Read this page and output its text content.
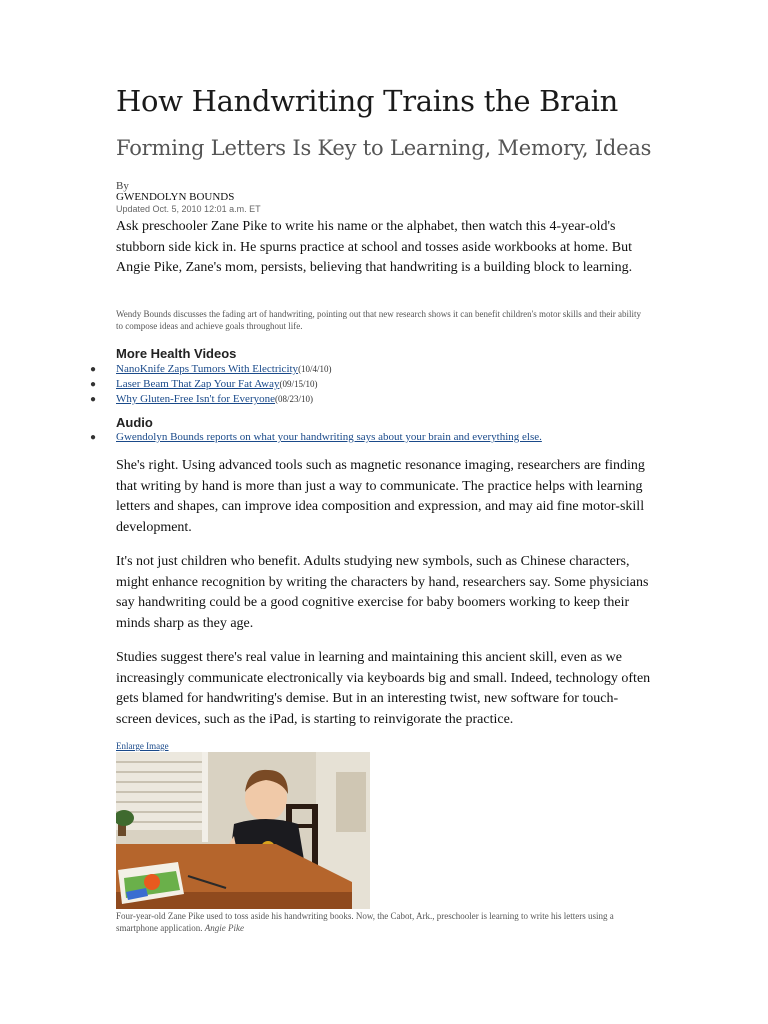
How Handwriting Trains the Brain
Forming Letters Is Key to Learning, Memory, Ideas
By
GWENDOLYN BOUNDS
Updated Oct. 5, 2010 12:01 a.m. ET

Ask preschooler Zane Pike to write his name or the alphabet, then watch this 4-year-old's stubborn side kick in. He spurns practice at school and tosses aside workbooks at home. But Angie Pike, Zane's mom, persists, believing that handwriting is a building block to learning.

Wendy Bounds discusses the fading art of handwriting, pointing out that new research shows it can benefit children's motor skills and their ability to compose ideas and achieve goals throughout life.
More Health Videos
● NanoKnife Zaps Tumors With Electricity(10/4/10)
● Laser Beam That Zap Your Fat Away(09/15/10)
● Why Gluten-Free Isn't for Everyone(08/23/10)
Audio
● Gwendolyn Bounds reports on what your handwriting says about your brain and everything else.

She's right. Using advanced tools such as magnetic resonance imaging, researchers are finding that writing by hand is more than just a way to communicate. The practice helps with learning letters and shapes, can improve idea composition and expression, and may aid fine motor-skill development.

It's not just children who benefit. Adults studying new symbols, such as Chinese characters, might enhance recognition by writing the characters by hand, researchers say. Some physicians say handwriting could be a good cognitive exercise for baby boomers working to keep their minds sharp as they age.

Studies suggest there's real value in learning and maintaining this ancient skill, even as we increasingly communicate electronically via keyboards big and small. Indeed, technology often gets blamed for handwriting's demise. But in an interesting twist, new software for touch-screen devices, such as the iPad, is starting to reinvigorate the practice.

Enlarge Image
Four-year-old Zane Pike used to toss aside his handwriting books. Now, the Cabot, Ark., preschooler is learning to write his letters using a smartphone application. Angie Pike
